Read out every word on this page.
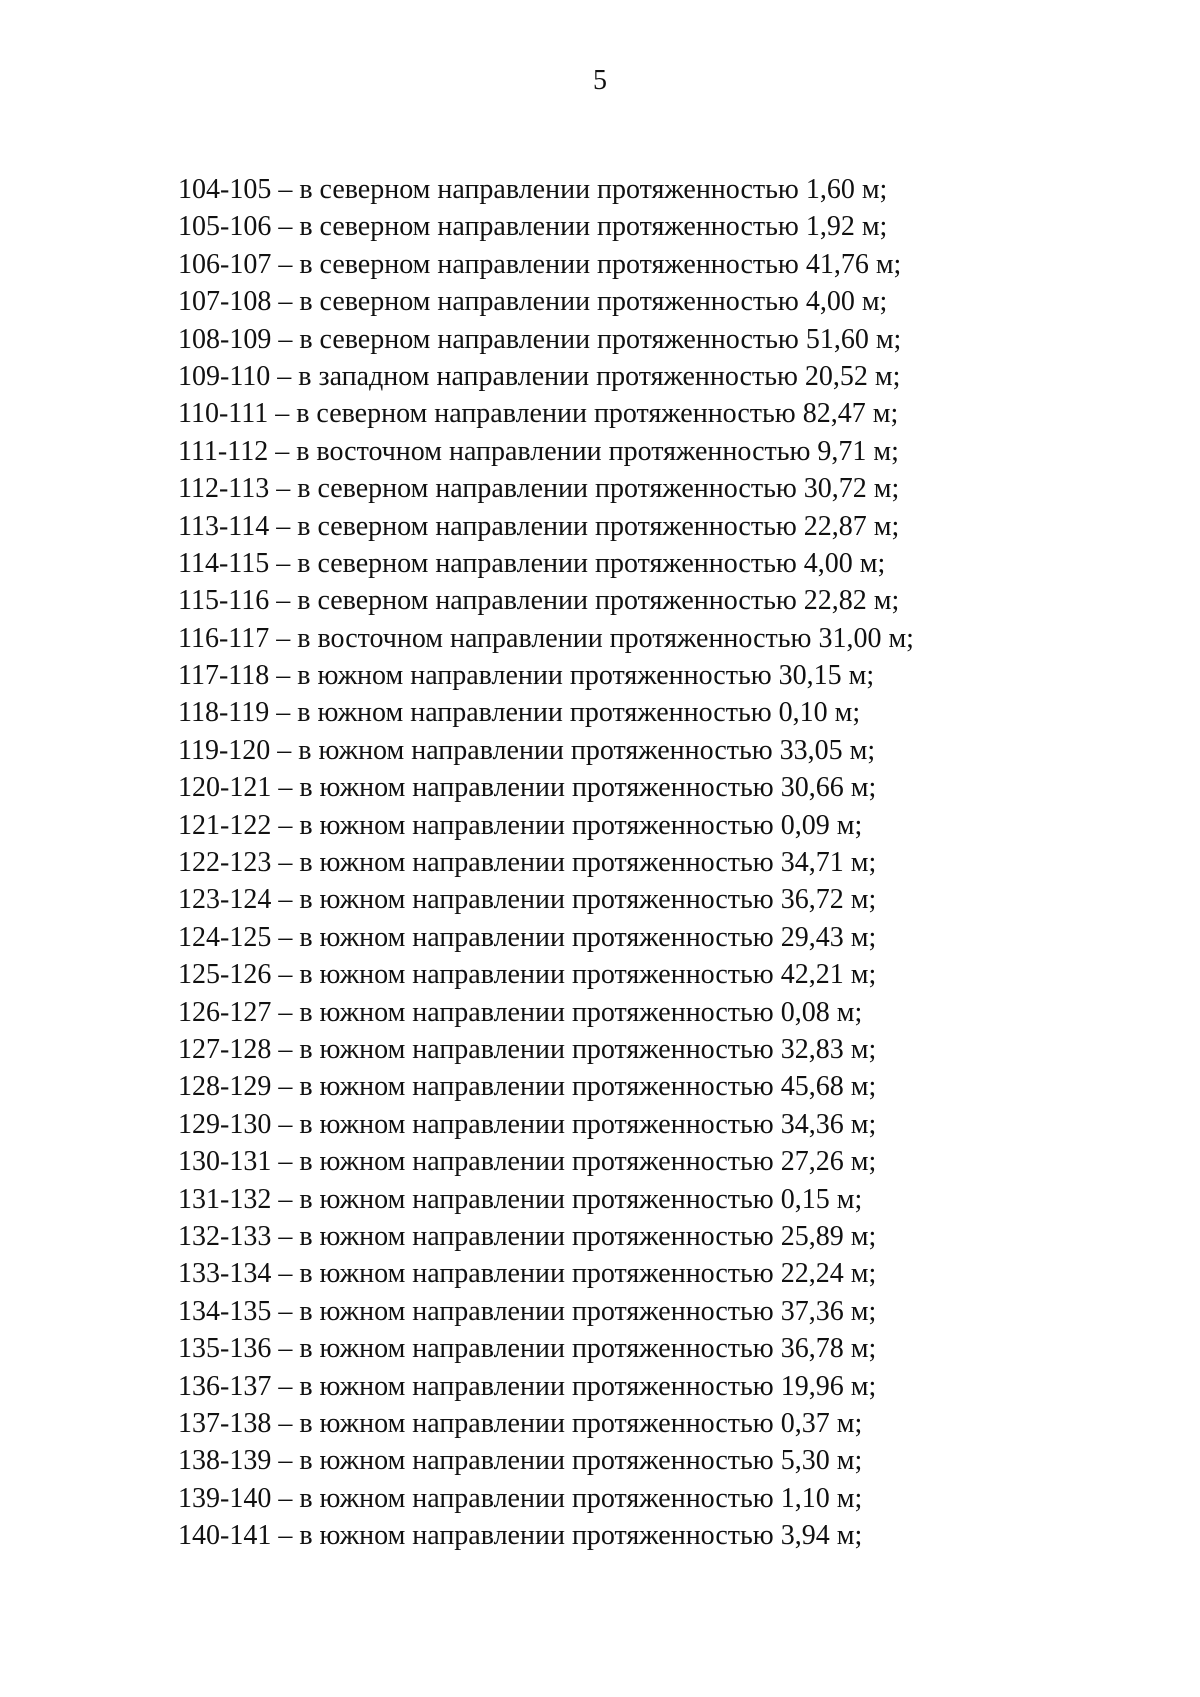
5
104-105 – в северном направлении протяженностью 1,60 м;
105-106 – в северном направлении протяженностью 1,92 м;
106-107 – в северном направлении протяженностью 41,76 м;
107-108 – в северном направлении протяженностью 4,00 м;
108-109 – в северном направлении протяженностью 51,60 м;
109-110 – в западном направлении протяженностью 20,52 м;
110-111 – в северном направлении протяженностью 82,47 м;
111-112 – в восточном направлении протяженностью 9,71 м;
112-113 – в северном направлении протяженностью 30,72 м;
113-114 – в северном направлении протяженностью 22,87 м;
114-115 – в северном направлении протяженностью 4,00 м;
115-116 – в северном направлении протяженностью 22,82 м;
116-117 – в восточном направлении протяженностью 31,00 м;
117-118 – в южном направлении протяженностью 30,15 м;
118-119 – в южном направлении протяженностью 0,10 м;
119-120 – в южном направлении протяженностью 33,05 м;
120-121 – в южном направлении протяженностью 30,66 м;
121-122 – в южном направлении протяженностью 0,09 м;
122-123 – в южном направлении протяженностью 34,71 м;
123-124 – в южном направлении протяженностью 36,72 м;
124-125 – в южном направлении протяженностью 29,43 м;
125-126 – в южном направлении протяженностью 42,21 м;
126-127 – в южном направлении протяженностью 0,08 м;
127-128 – в южном направлении протяженностью 32,83 м;
128-129 – в южном направлении протяженностью 45,68 м;
129-130 – в южном направлении протяженностью 34,36 м;
130-131 – в южном направлении протяженностью 27,26 м;
131-132 – в южном направлении протяженностью 0,15 м;
132-133 – в южном направлении протяженностью 25,89 м;
133-134 – в южном направлении протяженностью 22,24 м;
134-135 – в южном направлении протяженностью 37,36 м;
135-136 – в южном направлении протяженностью 36,78 м;
136-137 – в южном направлении протяженностью 19,96 м;
137-138 – в южном направлении протяженностью 0,37 м;
138-139 – в южном направлении протяженностью 5,30 м;
139-140 – в южном направлении протяженностью 1,10 м;
140-141 – в южном направлении протяженностью 3,94 м;
